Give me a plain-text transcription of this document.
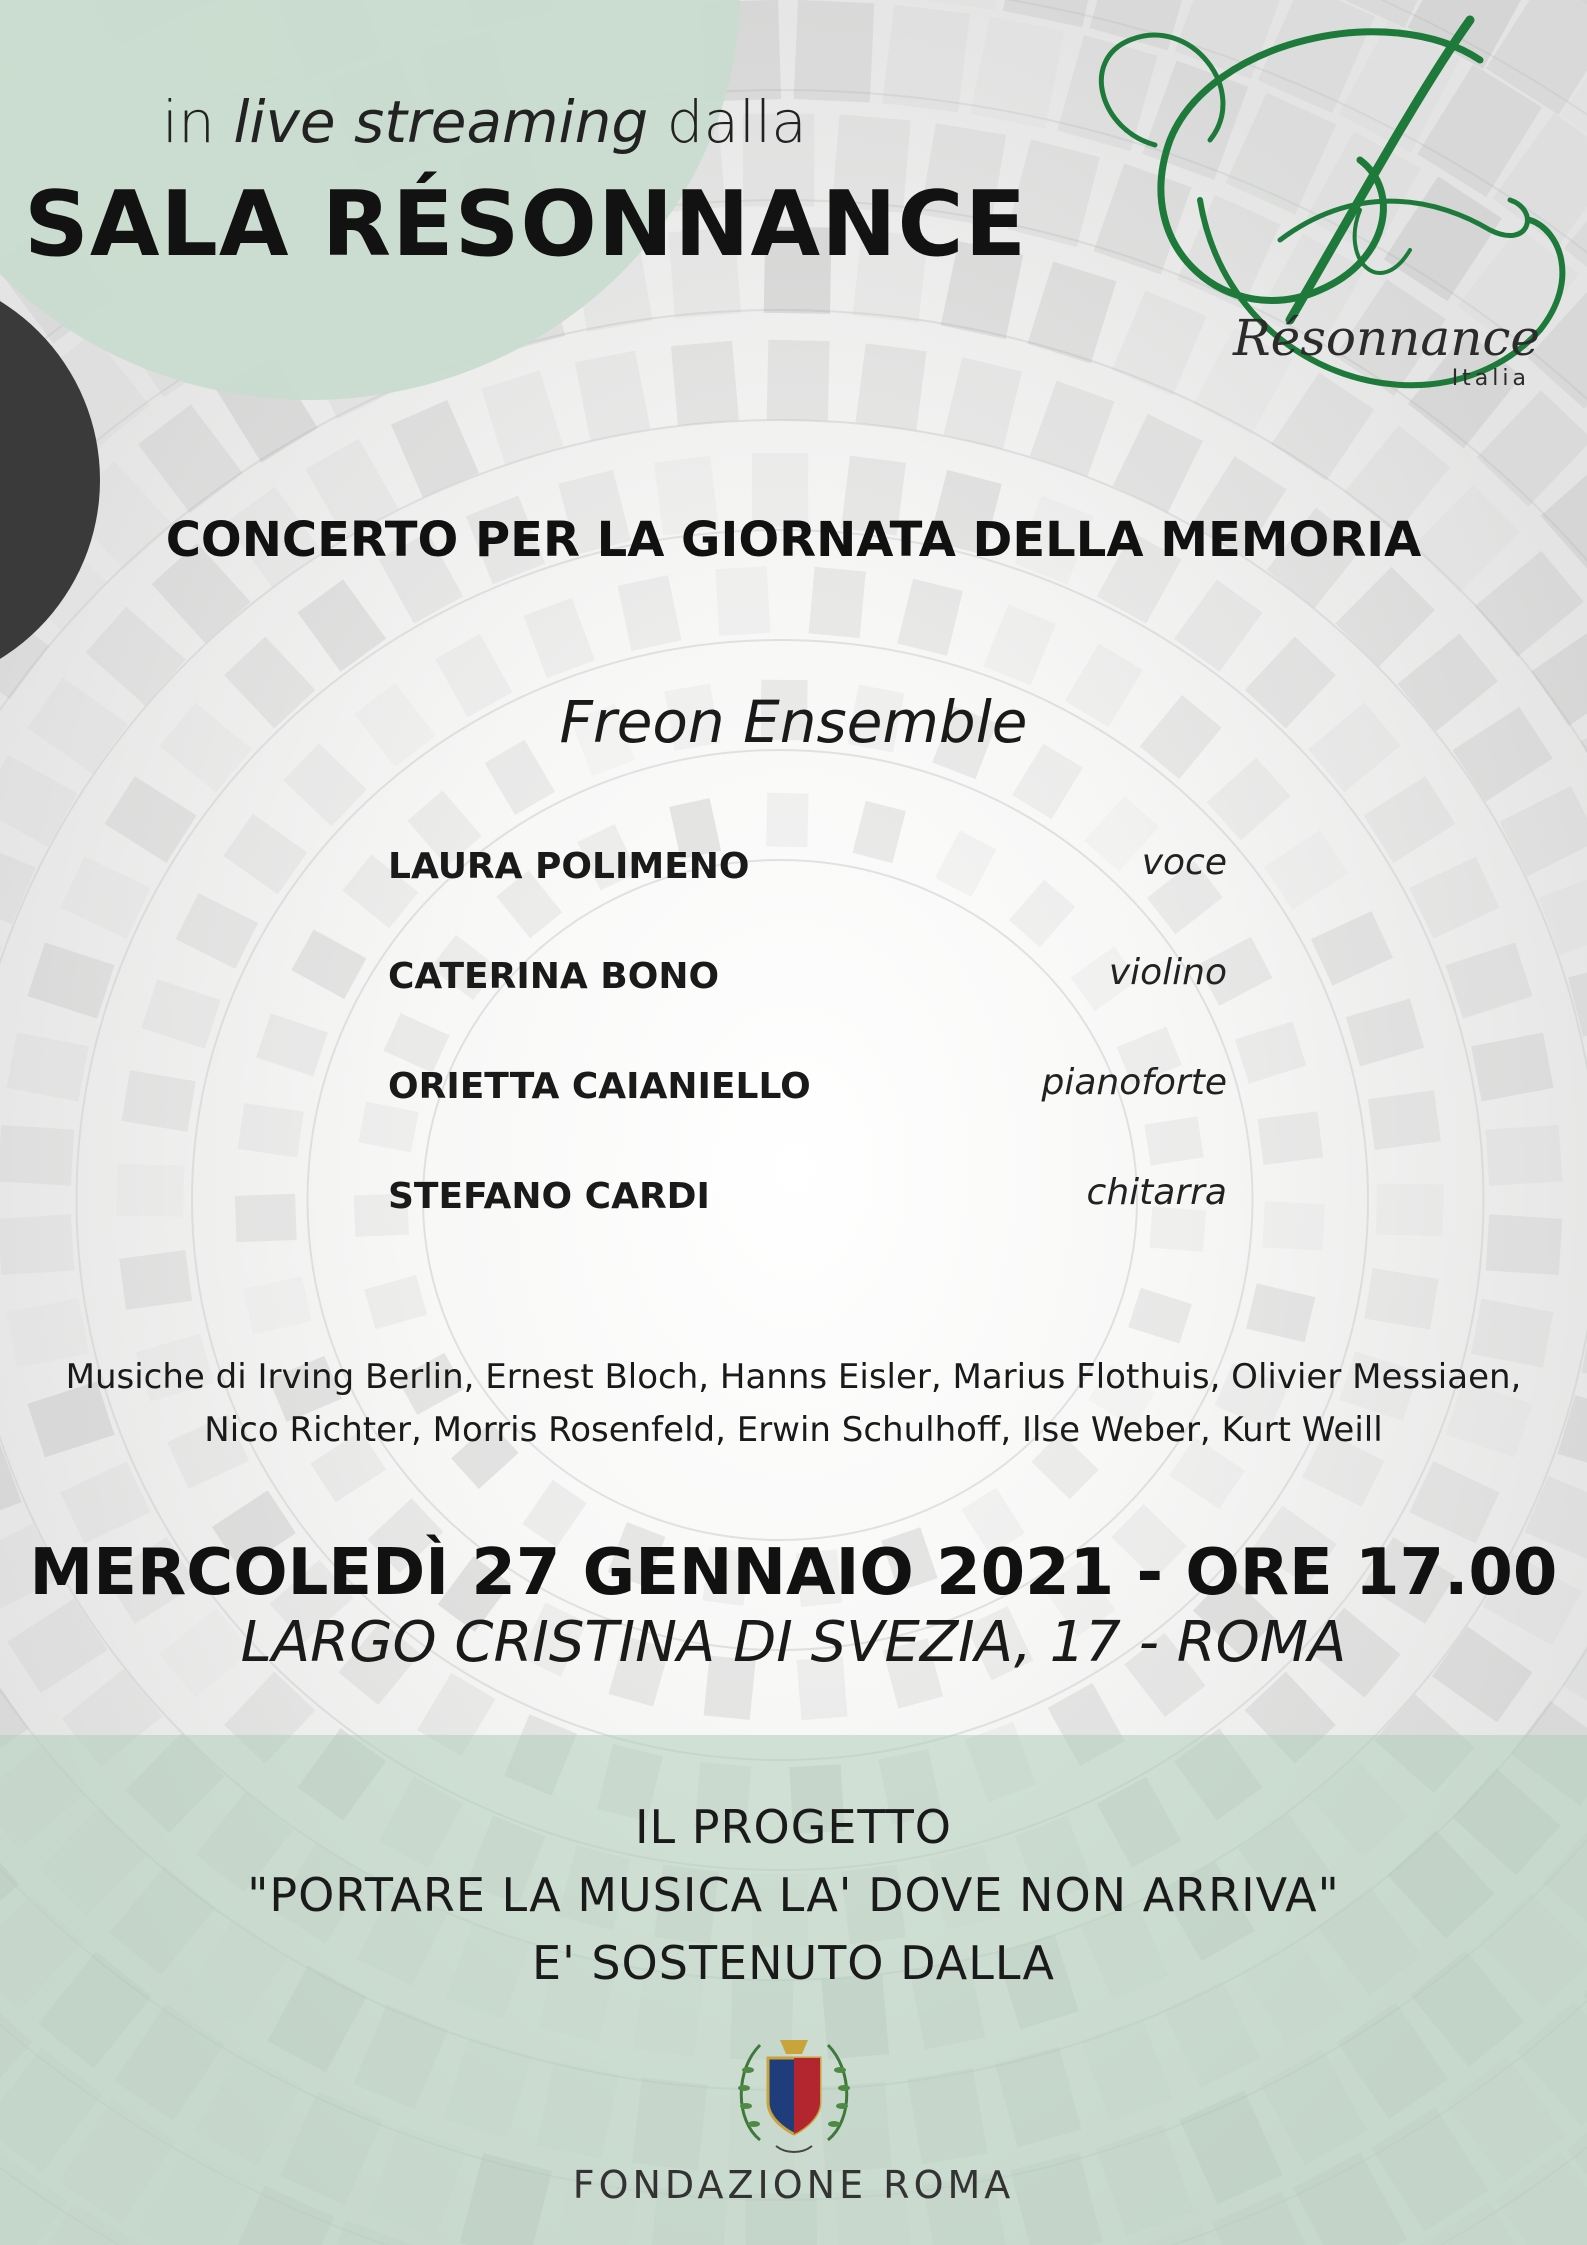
in live streaming dalla
SALA RÉSONNANCE
Résonnance
Italia
CONCERTO PER LA GIORNATA DELLA MEMORIA
Freon Ensemble
LAURA POLIMENO	voce
CATERINA BONO	violino
ORIETTA CAIANIELLO	pianoforte
STEFANO CARDI	chitarra
Musiche di Irving Berlin, Ernest Bloch, Hanns Eisler, Marius Flothuis, Olivier Messiaen,
Nico Richter, Morris Rosenfeld, Erwin Schulhoff, Ilse Weber, Kurt Weill
MERCOLEDÌ 27 GENNAIO 2021 - ORE 17.00
LARGO CRISTINA DI SVEZIA, 17 - ROMA
IL PROGETTO
"PORTARE LA MUSICA LA' DOVE NON ARRIVA"
E' SOSTENUTO DALLA
FONDAZIONE ROMA
